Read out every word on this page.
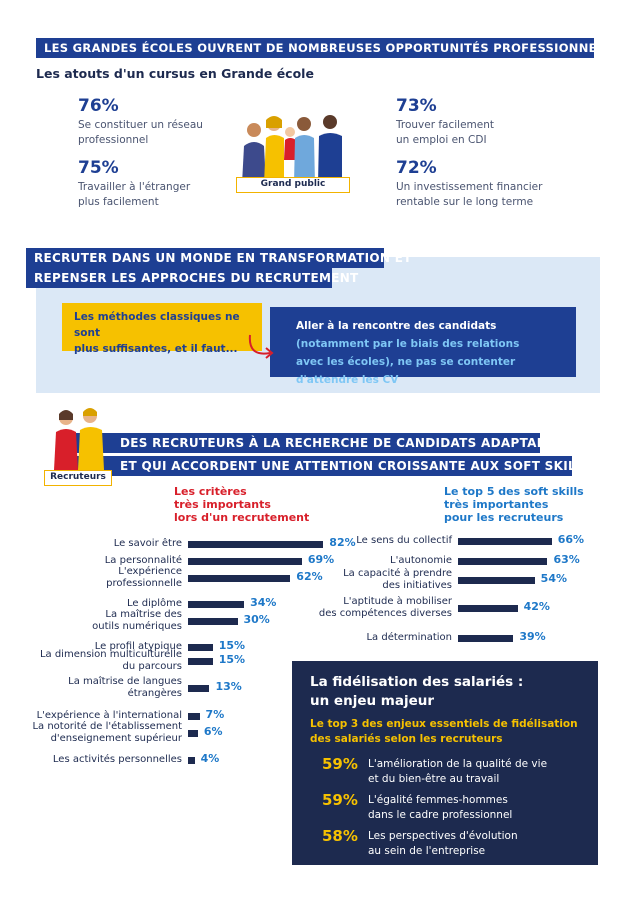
LES GRANDES ÉCOLES OUVRENT DE NOMBREUSES OPPORTUNITÉS PROFESSIONNELLES
Les atouts d'un cursus en Grande école
76%
Se constituer un réseau
professionnel
75%
Travailler à l'étranger
plus facilement
73%
Trouver facilement
un emploi en CDI
72%
Un investissement financier
rentable sur le long terme
Grand public
RECRUTER DANS UN MONDE EN TRANSFORMATION ET
REPENSER LES APPROCHES DU RECRUTEMENT
Les méthodes classiques ne sont
plus suffisantes, et il faut...
Aller à la rencontre des candidats (notamment par le biais des relations avec les écoles), ne pas se contenter d'attendre les CV
DES RECRUTEURS À LA RECHERCHE DE CANDIDATS ADAPTABLES
ET QUI ACCORDENT UNE ATTENTION CROISSANTE AUX SOFT SKILLS
Recruteurs
Les critères
très importants
lors d'un recrutement
Le top 5 des soft skills
très importantes
pour les recruteurs
Le savoir être	82%
La personnalité	69%
L'expérience
professionnelle
62%
Le diplôme	34%
La maîtrise des
outils numériques
30%
Le profil atypique	15%
La dimension multiculturelle
du parcours
15%
La maîtrise de langues
étrangères
13%
L'expérience à l'international 7%
La notorité de l'établissement
d'enseignement supérieur
6%
Les activités personnelles 4%
Le sens du collectif	66%
L'autonomie	63%
La capacité à prendre
des initiatives
54%
L'aptitude à mobiliser
des compétences diverses
42%
La détermination	39%
La fidélisation des salariés :
un enjeu majeur
Le top 3 des enjeux essentiels de fidélisation
des salariés selon les recruteurs
59% L'amélioration de la qualité de vie
et du bien-être au travail
59% L'égalité femmes-hommes
dans le cadre professionnel
58% Les perspectives d'évolution
au sein de l'entreprise
